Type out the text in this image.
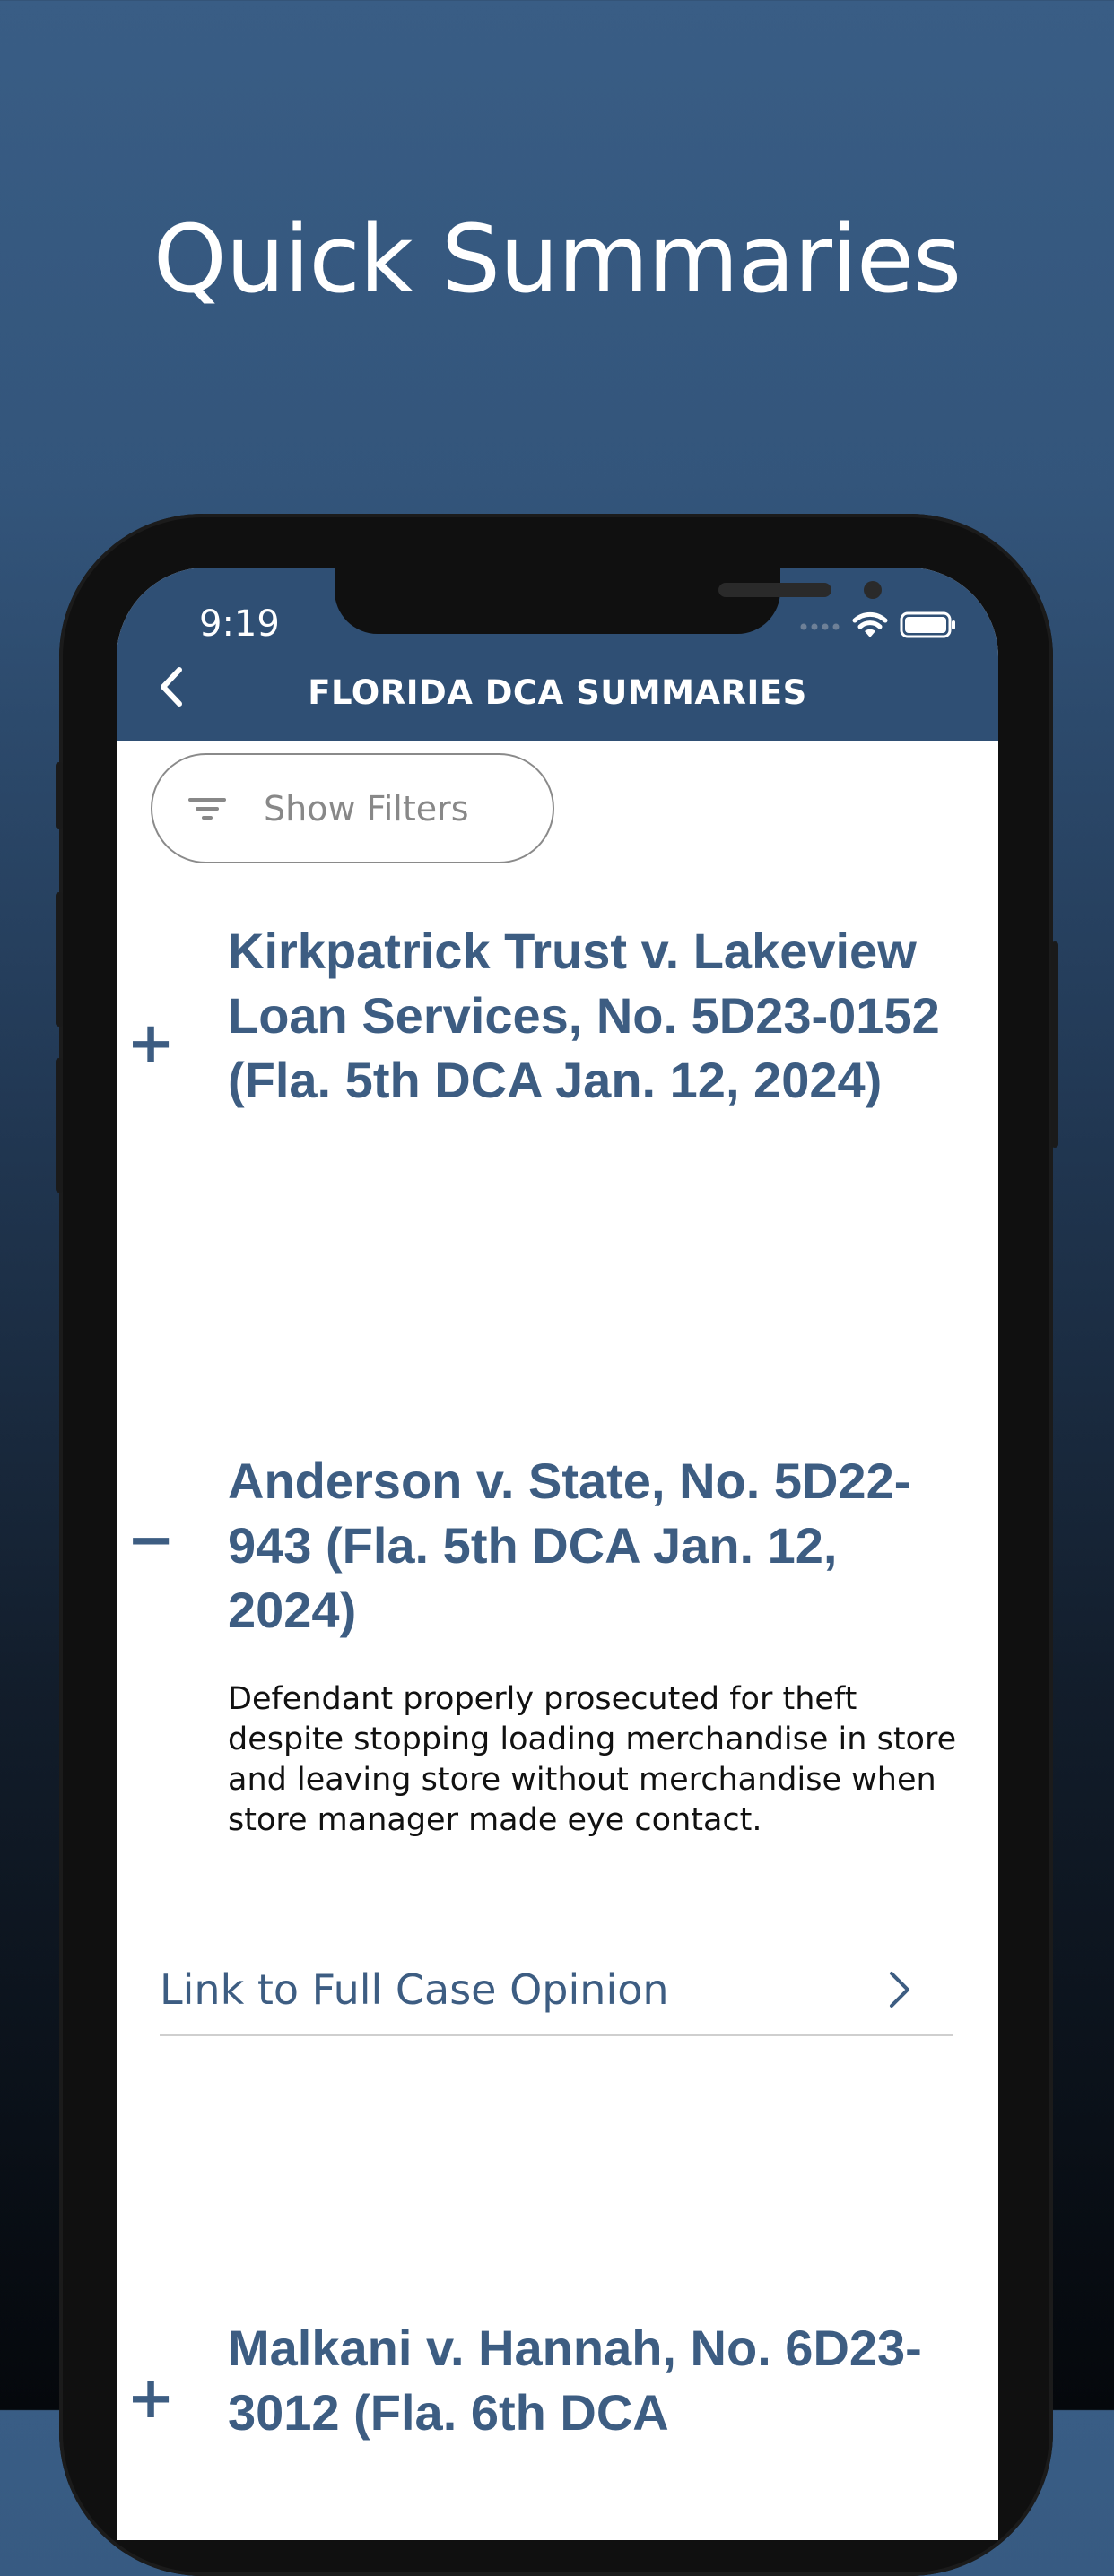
Quick Summaries
9:19
FLORIDA DCA SUMMARIES
Show Filters
+
Kirkpatrick Trust v. Lakeview Loan Services, No. 5D23-0152 (Fla. 5th DCA Jan. 12, 2024)
−
Anderson v. State, No. 5D22-943 (Fla. 5th DCA Jan. 12, 2024)
Defendant properly prosecuted for theft despite stopping loading merchandise in store and leaving store without merchandise when store manager made eye contact.
Link to Full Case Opinion
+
Malkani v. Hannah, No. 6D23-3012 (Fla. 6th DCA
